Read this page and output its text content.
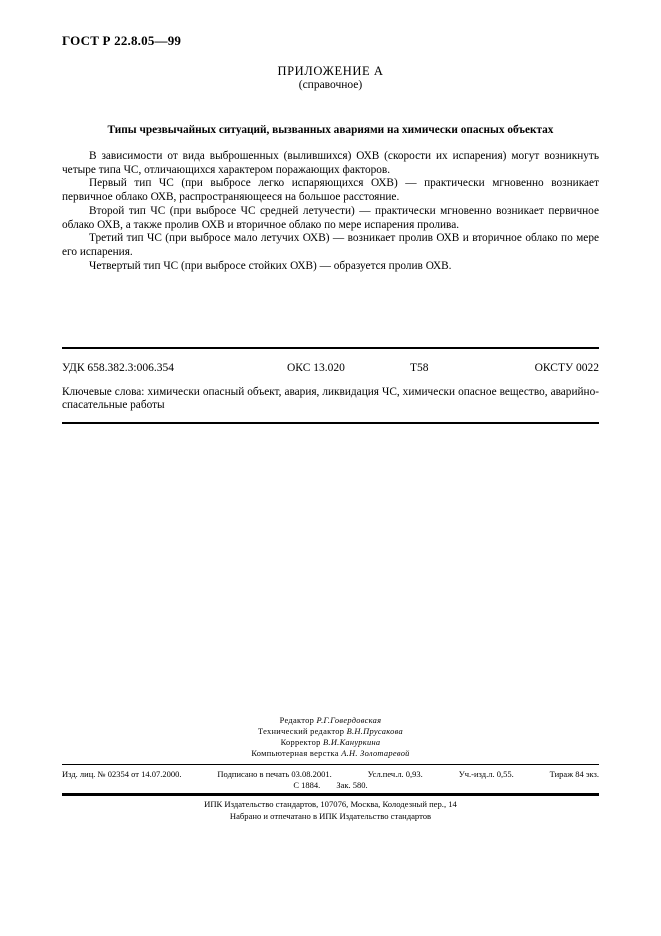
ГОСТ Р 22.8.05—99
ПРИЛОЖЕНИЕ А
(справочное)
Типы чрезвычайных ситуаций, вызванных авариями на химически опасных объектах

В зависимости от вида выброшенных (вылившихся) ОХВ (скорости их испарения) могут возникнуть четыре типа ЧС, отличающихся характером поражающих факторов.

Первый тип ЧС (при выбросе легко испаряющихся ОХВ) — практически мгновенно возникает первичное облако ОХВ, распространяющееся на большое расстояние.

Второй тип ЧС (при выбросе ЧС средней летучести) — практически мгновенно возникает первичное облако ОХВ, а также пролив ОХВ и вторичное облако по мере испарения пролива.

Третий тип ЧС (при выбросе мало летучих ОХВ) — возникает пролив ОХВ и вторичное облако по мере его испарения.

Четвертый тип ЧС (при выбросе стойких ОХВ) — образуется пролив ОХВ.

УДК 658.382.3:006.354	ОКС 13.020	Т58	ОКСТУ 0022
Ключевые слова: химически опасный объект, авария, ликвидация ЧС, химически опасное вещество, аварийно-спасательные работы
Редактор Р.Г.Говердовская
Технический редактор В.Н.Прусакова
Корректор В.И.Кануркина
Компьютерная верстка А.Н. Золотаревой
Изд. лиц. № 02354 от 14.07.2000.	Подписано в печать 03.08.2001.	Усл.печ.л. 0,93.	Уч.-изд.л. 0,55.	Тираж 84 экз.
С 1884. Зак. 580.
ИПК Издательство стандартов, 107076, Москва, Колодезный пер., 14
Набрано и отпечатано в ИПК Издательство стандартов
